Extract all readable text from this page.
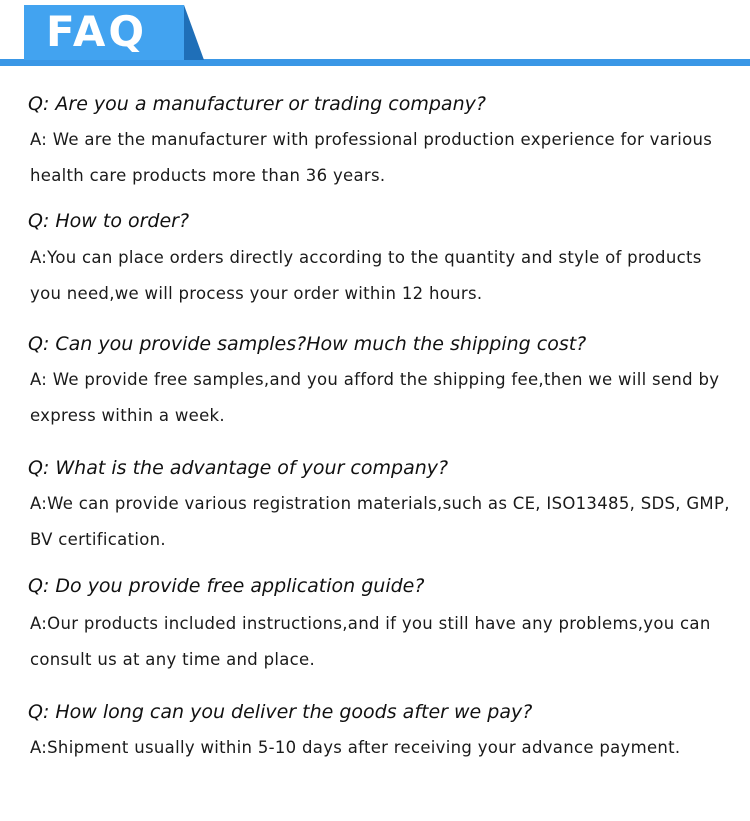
FAQ
Q: Are you a manufacturer or trading company?
A: We are the manufacturer with professional production experience for various health care products more than 36 years.
Q: How to order?
A:You can place orders directly according to the quantity and style of products you need,we will process your order within 12 hours.
Q: Can you provide samples?How much the shipping cost?
A: We provide free samples,and you afford the shipping fee,then we will send by express within a week.
Q: What is the advantage of your company?
A:We can provide various registration materials,such as CE, ISO13485, SDS, GMP, BV certification.
Q: Do you provide free application guide?
A:Our products included instructions,and if you still have any problems,you can consult us at any time and place.
Q: How long can you deliver the goods after we pay?
A:Shipment usually within 5-10 days after receiving your advance payment.
